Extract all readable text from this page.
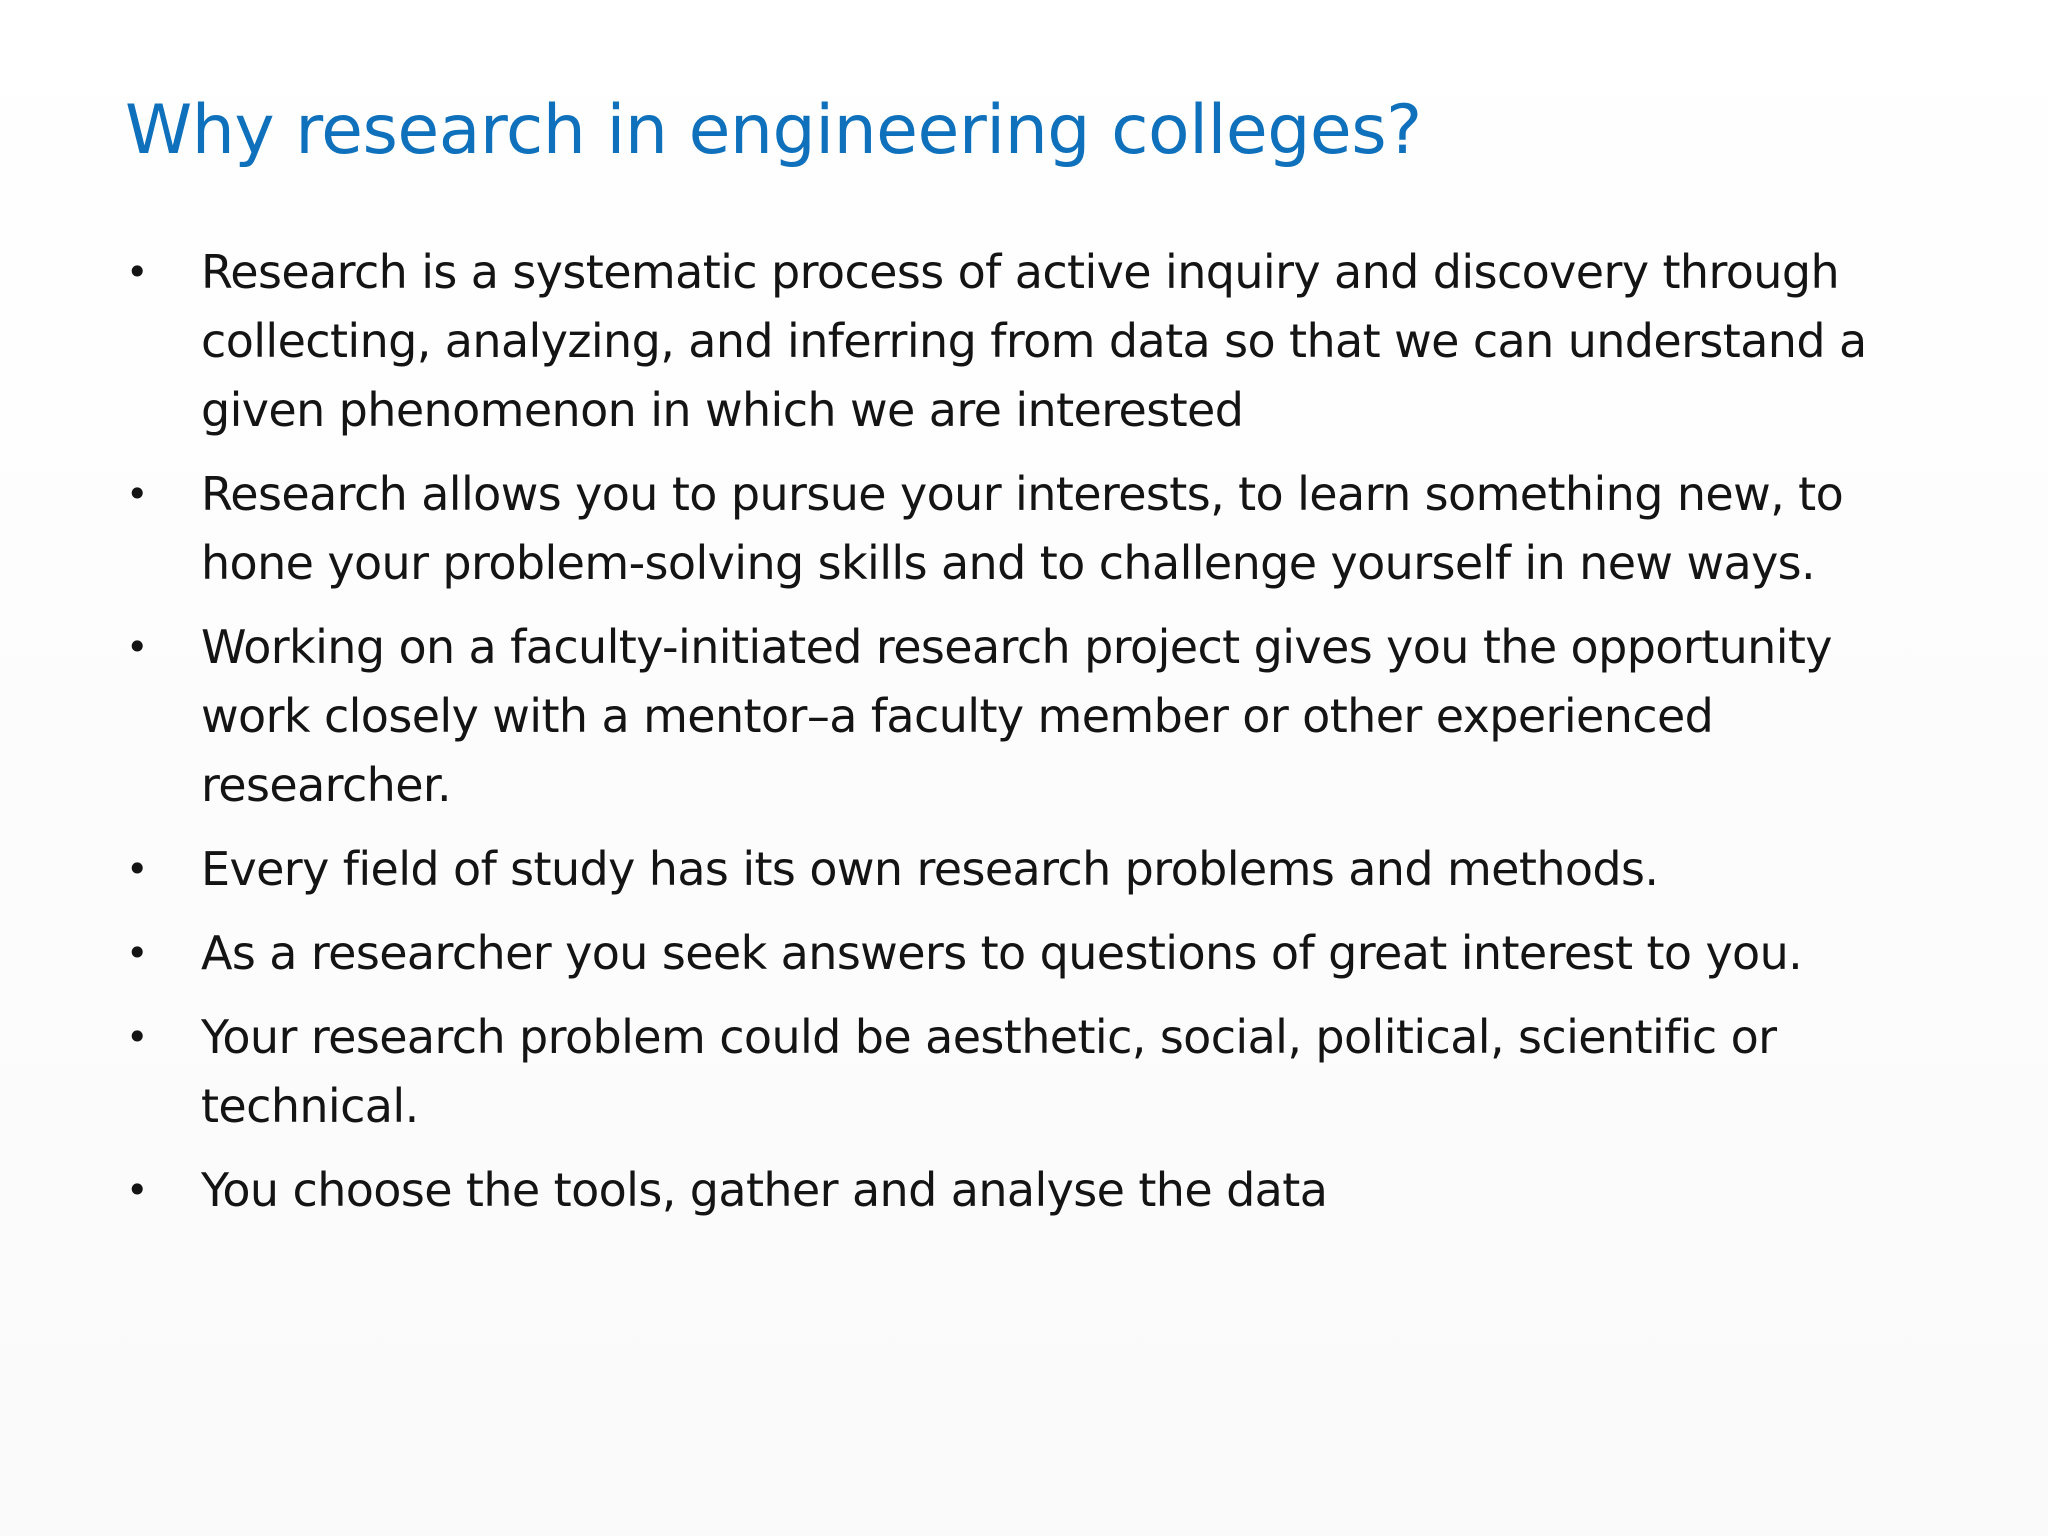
Why research in engineering colleges?
• Research is a systematic process of active inquiry and discovery through collecting, analyzing, and inferring from data so that we can understand a given phenomenon in which we are interested
• Research allows you to pursue your interests, to learn something new, to hone your problem-solving skills and to challenge yourself in new ways.
• Working on a faculty-initiated research project gives you the opportunity work closely with a mentor–a faculty member or other experienced researcher.
• Every field of study has its own research problems and methods.
• As a researcher you seek answers to questions of great interest to you.
• Your research problem could be aesthetic, social, political, scientific or technical.
• You choose the tools, gather and analyse the data
